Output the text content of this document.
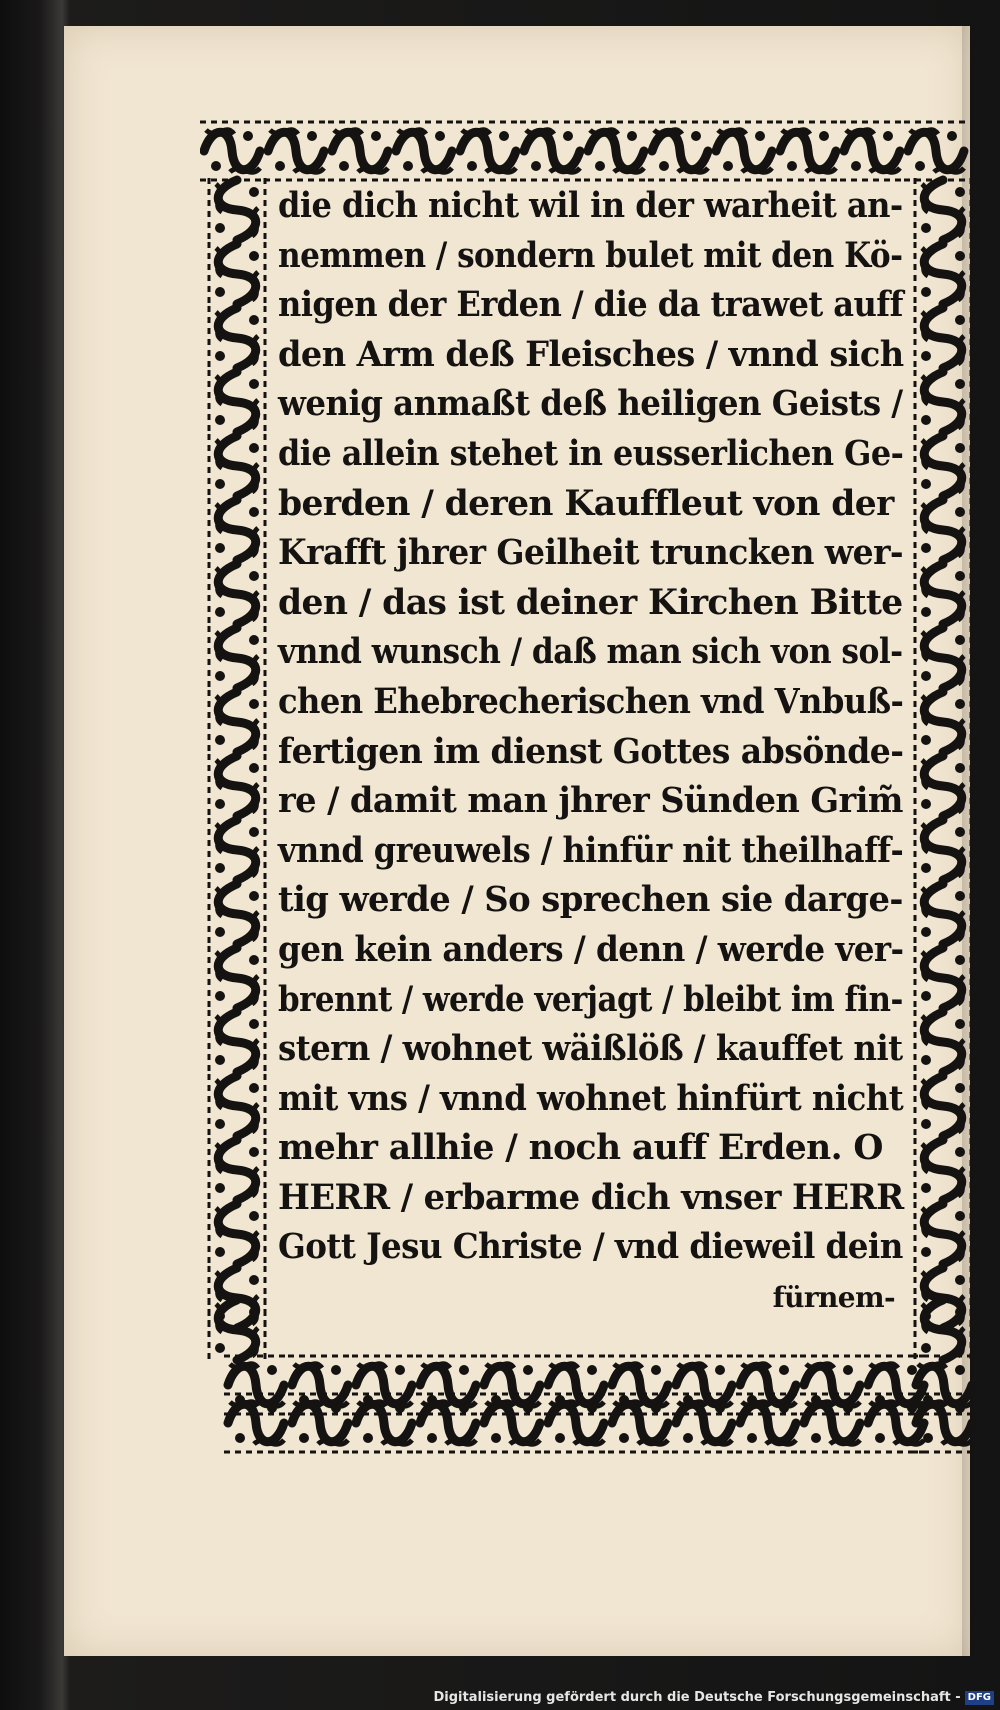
die dich nicht wil in der warheit an‑
nemmen / sondern bulet mit den Kö‑
nigen der Erden / die da trawet auff
den Arm deß Fleisches / vnnd sich
wenig anmaßt deß heiligen Geists /
die allein stehet in eusserlichen Ge‑
berden / deren Kauffleut von der
Krafft jhrer Geilheit truncken wer‑
den / das ist deiner Kirchen Bitte
vnnd wunsch / daß man sich von sol‑
chen Ehebrecherischen vnd Vnbuß‑
fertigen im dienst Gottes absönde‑
re / damit man jhrer Sünden Grim̃
vnnd greuwels / hinfür nit theilhaff‑
tig werde / So sprechen sie darge‑
gen kein anders / denn / werde ver‑
brennt / werde verjagt / bleibt im fin‑
stern / wohnet wäißlöß / kauffet nit
mit vns / vnnd wohnet hinfürt nicht
mehr allhie / noch auff Erden. O
HERR / erbarme dich vnser HERR
Gott Jesu Christe / vnd dieweil dein
fürnem‑
Digitalisierung gefördert durch die Deutsche Forschungsgemeinschaft - DFG
